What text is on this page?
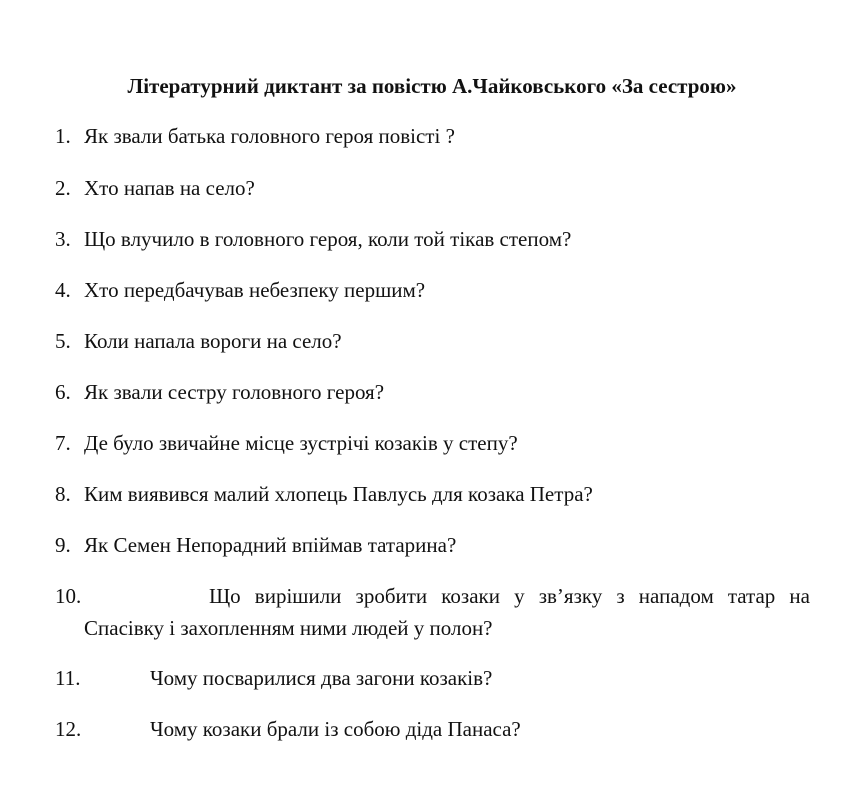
Літературний диктант за повістю А.Чайковського «За сестрою»
1. Як звали батька головного героя повісті ?
2. Хто напав на село?
3. Що влучило в головного героя, коли той тікав степом?
4. Хто передбачував небезпеку першим?
5. Коли напала вороги на село?
6. Як звали сестру головного героя?
7. Де було звичайне місце зустрічі козаків у степу?
8. Ким виявився малий хлопець Павлусь для козака Петра?
9. Як Семен Непорадний впіймав татарина?
10.	Що вирішили зробити козаки у зв’язку з нападом татар на
Спасівку і захопленням ними людей у полон?
11.	Чому посварилися два загони козаків?
12.	Чому козаки брали із собою діда Панаса?
